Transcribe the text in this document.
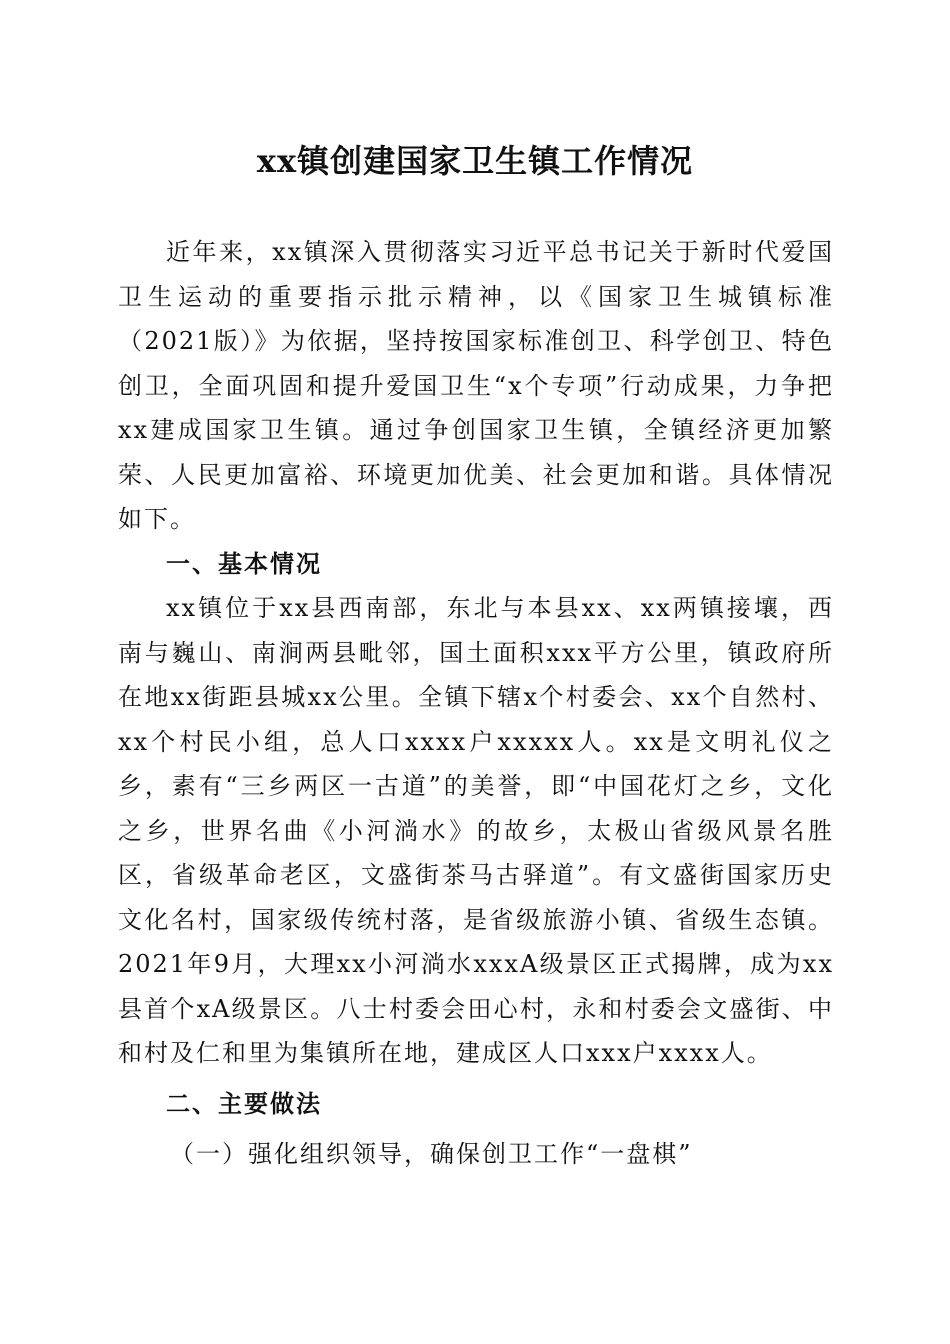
xx镇创建国家卫生镇工作情况

近年来，xx镇深入贯彻落实习近平总书记关于新时代爱国卫生运动的重要指示批示精神，以《国家卫生城镇标准（2021版）》为依据，坚持按国家标准创卫、科学创卫、特色创卫，全面巩固和提升爱国卫生“x个专项”行动成果，力争把xx建成国家卫生镇。通过争创国家卫生镇，全镇经济更加繁荣、人民更加富裕、环境更加优美、社会更加和谐。具体情况如下。

一、基本情况

xx镇位于xx县西南部，东北与本县xx、xx两镇接壤，西南与巍山、南涧两县毗邻，国土面积xxx平方公里，镇政府所在地xx街距县城xx公里。全镇下辖x个村委会、xx个自然村、xx个村民小组，总人口xxxx户xxxxx人。xx是文明礼仪之乡，素有“三乡两区一古道”的美誉，即“中国花灯之乡，文化之乡，世界名曲《小河淌水》的故乡，太极山省级风景名胜区，省级革命老区，文盛街茶马古驿道”。有文盛街国家历史文化名村，国家级传统村落，是省级旅游小镇、省级生态镇。2021年9月，大理xx小河淌水xxxA级景区正式揭牌，成为xx县首个xA级景区。八士村委会田心村，永和村委会文盛街、中和村及仁和里为集镇所在地，建成区人口xxx户xxxx人。

二、主要做法

（一）强化组织领导，确保创卫工作“一盘棋”
